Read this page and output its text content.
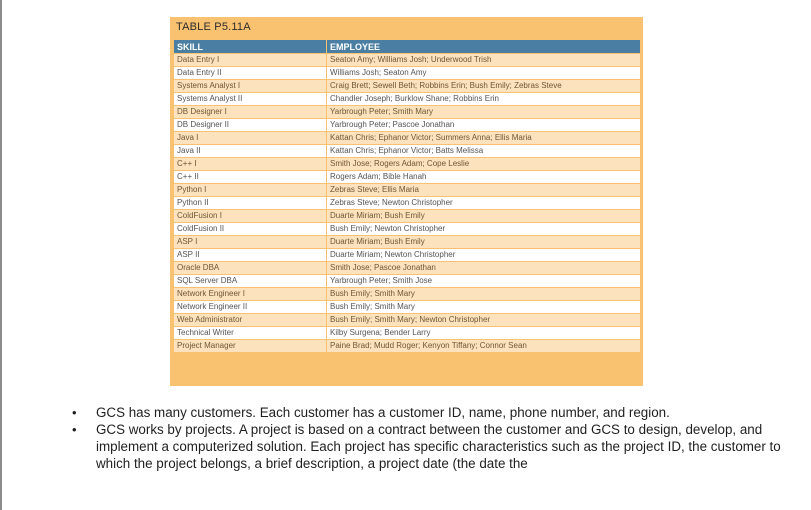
TABLE P5.11A
SKILL	EMPLOYEE
Data Entry I	Seaton Amy; Williams Josh; Underwood Trish
Data Entry II	Williams Josh; Seaton Amy
Systems Analyst I	Craig Brett; Sewell Beth; Robbins Erin; Bush Emily; Zebras Steve
Systems Analyst II	Chandler Joseph; Burklow Shane; Robbins Erin
DB Designer I	Yarbrough Peter; Smith Mary
DB Designer II	Yarbrough Peter; Pascoe Jonathan
Java I	Kattan Chris; Ephanor Victor; Summers Anna; Ellis Maria
Java II	Kattan Chris; Ephanor Victor; Batts Melissa
C++ I	Smith Jose; Rogers Adam; Cope Leslie
C++ II	Rogers Adam; Bible Hanah
Python I	Zebras Steve; Ellis Maria
Python II	Zebras Steve; Newton Christopher
ColdFusion I	Duarte Miriam; Bush Emily
ColdFusion II	Bush Emily; Newton Christopher
ASP I	Duarte Miriam; Bush Emily
ASP II	Duarte Miriam; Newton Christopher
Oracle DBA	Smith Jose; Pascoe Jonathan
SQL Server DBA	Yarbrough Peter; Smith Jose
Network Engineer I	Bush Emily; Smith Mary
Network Engineer II	Bush Emily; Smith Mary
Web Administrator	Bush Emily; Smith Mary; Newton Christopher
Technical Writer	Kilby Surgena; Bender Larry
Project Manager	Paine Brad; Mudd Roger; Kenyon Tiffany; Connor Sean
• GCS has many customers. Each customer has a customer ID, name, phone number, and region.
• GCS works by projects. A project is based on a contract between the customer and GCS to design, develop, and implement a computerized solution. Each project has specific characteristics such as the project ID, the customer to which the project belongs, a brief description, a project date (the date the
